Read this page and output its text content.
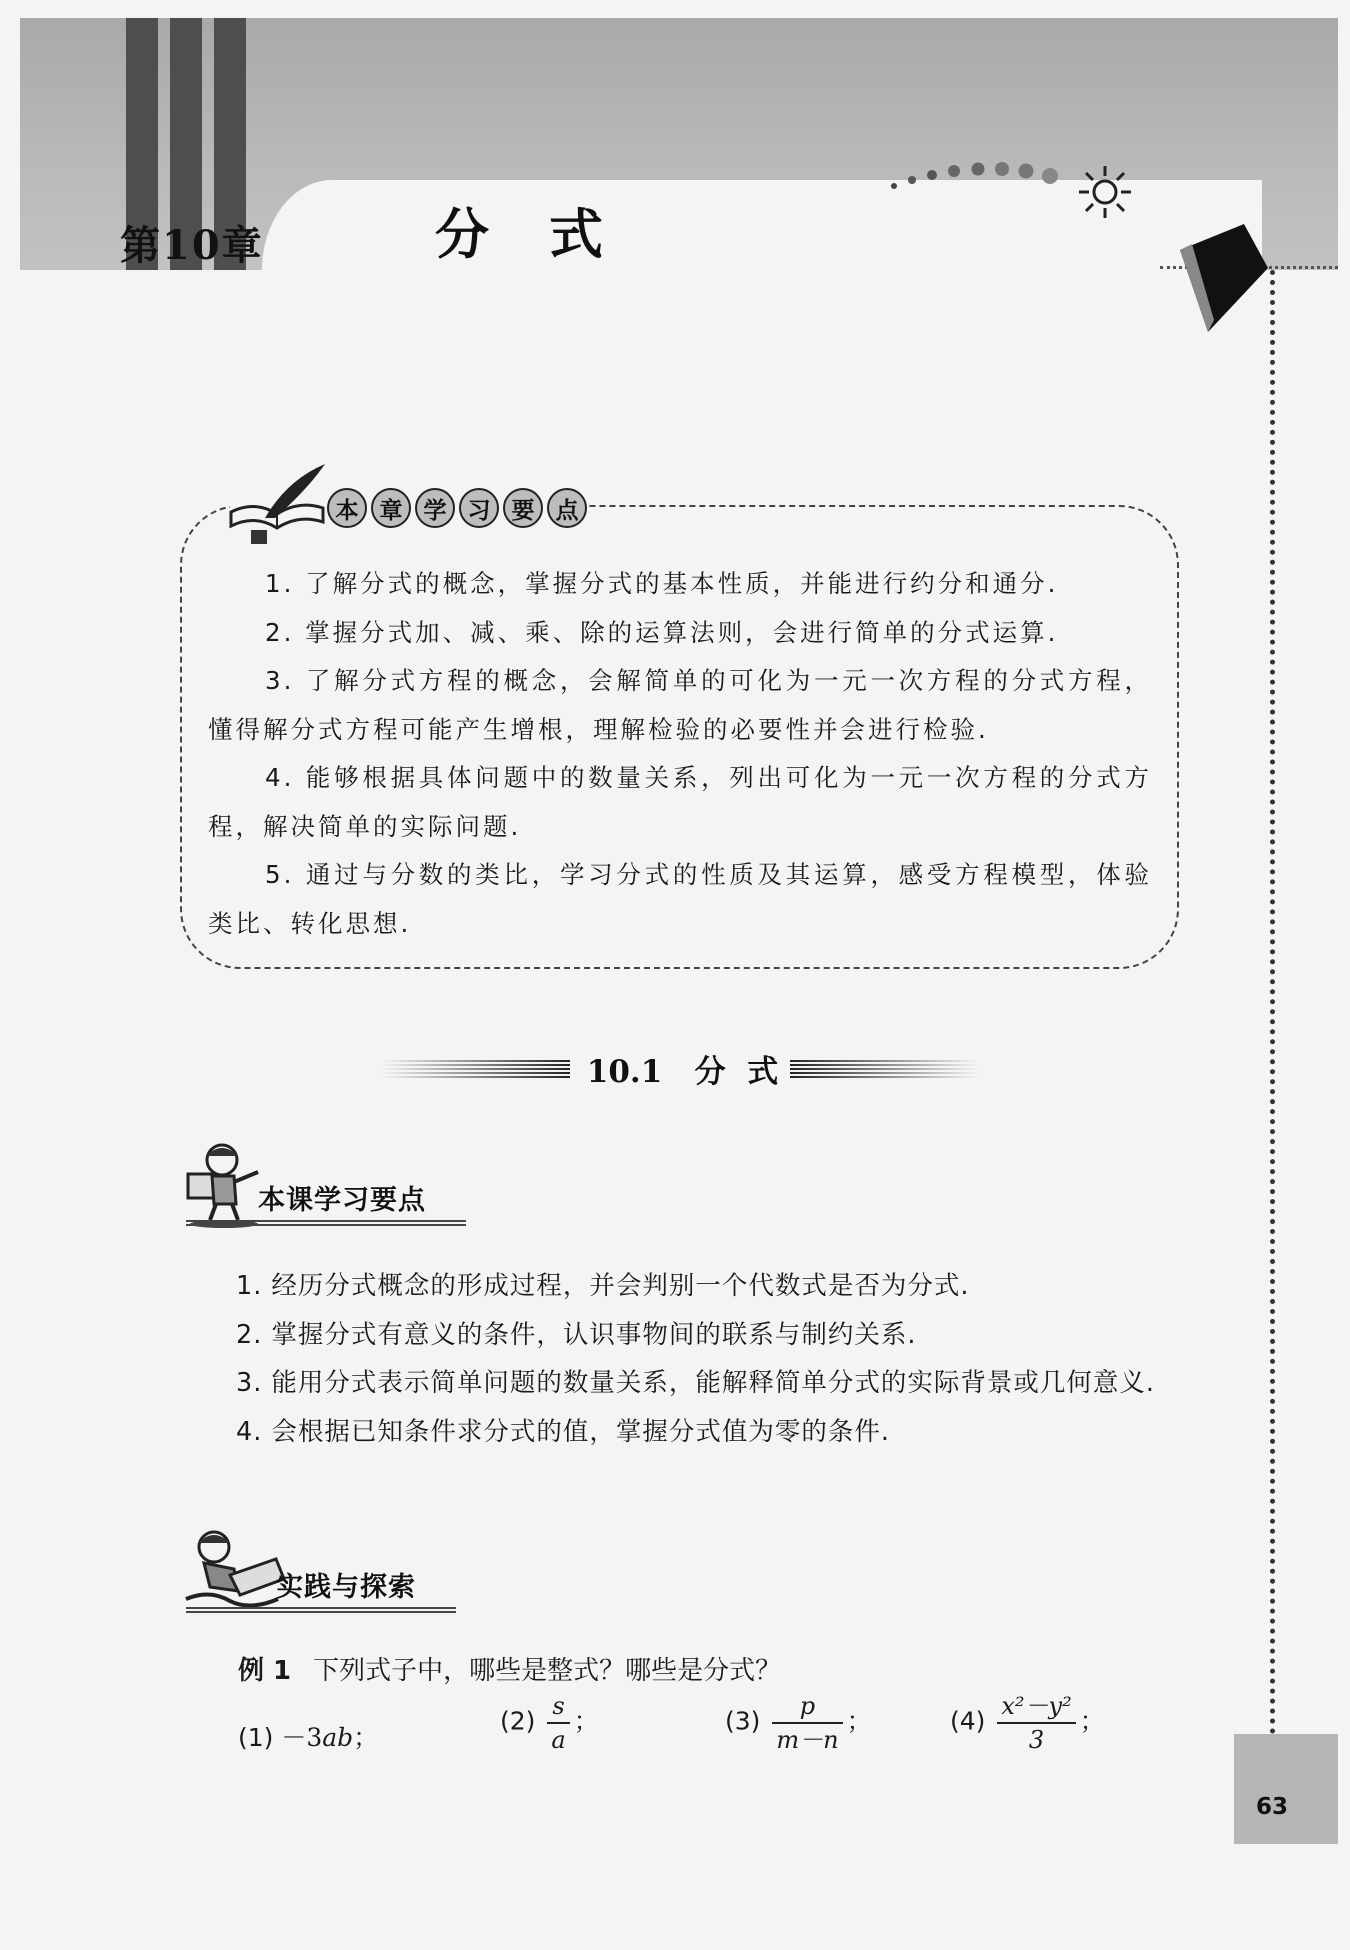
第10章	分式
63
本 章 学 习 要 点

1. 了解分式的概念，掌握分式的基本性质，并能进行约分和通分.

2. 掌握分式加、减、乘、除的运算法则，会进行简单的分式运算.

3. 了解分式方程的概念，会解简单的可化为一元一次方程的分式方程，懂得解分式方程可能产生增根，理解检验的必要性并会进行检验.

4. 能够根据具体问题中的数量关系，列出可化为一元一次方程的分式方程，解决简单的实际问题.

5. 通过与分数的类比，学习分式的性质及其运算，感受方程模型，体验类比、转化思想.

10.1   分  式
本课学习要点

1. 经历分式概念的形成过程，并会判别一个代数式是否为分式.

2. 掌握分式有意义的条件，认识事物间的联系与制约关系.

3. 能用分式表示简单问题的数量关系，能解释简单分式的实际背景或几何意义.

4. 会根据已知条件求分式的值，掌握分式值为零的条件.

实践与探索
例 1 下列式子中，哪些是整式？哪些是分式？
(1) －3ab；
$(2) \frac{s}{a}$ ；	$(3) \frac{p}{m-n}$ ；	$(4) \frac{\text{x²－y²}}{3}$ ；
